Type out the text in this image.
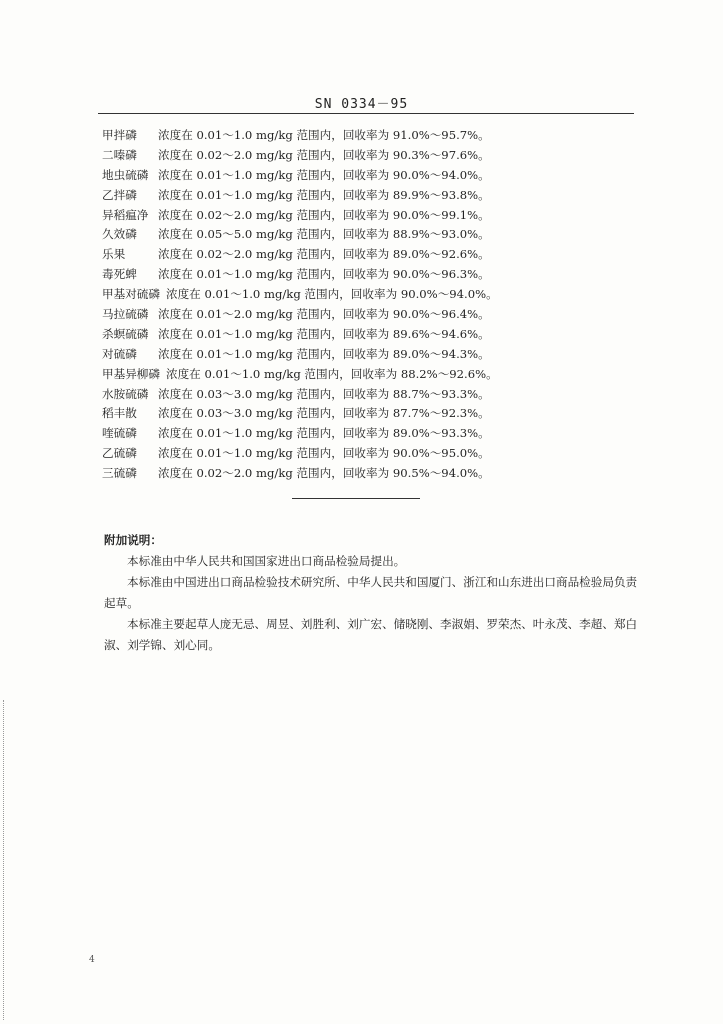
SN 0334－95
甲拌磷 浓度在 0.01～1.0 mg/kg 范围内，回收率为 91.0%～95.7%。
二嗪磷 浓度在 0.02～2.0 mg/kg 范围内，回收率为 90.3%～97.6%。
地虫硫磷 浓度在 0.01～1.0 mg/kg 范围内，回收率为 90.0%～94.0%。
乙拌磷 浓度在 0.01～1.0 mg/kg 范围内，回收率为 89.9%～93.8%。
异稻瘟净 浓度在 0.02～2.0 mg/kg 范围内，回收率为 90.0%～99.1%。
久效磷 浓度在 0.05～5.0 mg/kg 范围内，回收率为 88.9%～93.0%。
乐果	浓度在 0.02～2.0 mg/kg 范围内，回收率为 89.0%～92.6%。
毒死蜱 浓度在 0.01～1.0 mg/kg 范围内，回收率为 90.0%～96.3%。
甲基对硫磷 浓度在 0.01～1.0 mg/kg 范围内，回收率为 90.0%～94.0%。
马拉硫磷 浓度在 0.01～2.0 mg/kg 范围内，回收率为 90.0%～96.4%。
杀螟硫磷 浓度在 0.01～1.0 mg/kg 范围内，回收率为 89.6%～94.6%。
对硫磷 浓度在 0.01～1.0 mg/kg 范围内，回收率为 89.0%～94.3%。
甲基异柳磷 浓度在 0.01～1.0 mg/kg 范围内，回收率为 88.2%～92.6%。
水胺硫磷 浓度在 0.03～3.0 mg/kg 范围内，回收率为 88.7%～93.3%。
稻丰散 浓度在 0.03～3.0 mg/kg 范围内，回收率为 87.7%～92.3%。
喹硫磷 浓度在 0.01～1.0 mg/kg 范围内，回收率为 89.0%～93.3%。
乙硫磷 浓度在 0.01～1.0 mg/kg 范围内，回收率为 90.0%～95.0%。
三硫磷 浓度在 0.02～2.0 mg/kg 范围内，回收率为 90.5%～94.0%。
附加说明：
本标准由中华人民共和国国家进出口商品检验局提出。
本标准由中国进出口商品检验技术研究所、中华人民共和国厦门、浙江和山东进出口商品检验局负责起草。
本标准主要起草人庞无忌、周昱、刘胜利、刘广宏、储晓刚、李淑娟、罗荣杰、叶永茂、李超、郑白淑、刘学锦、刘心同。
4
